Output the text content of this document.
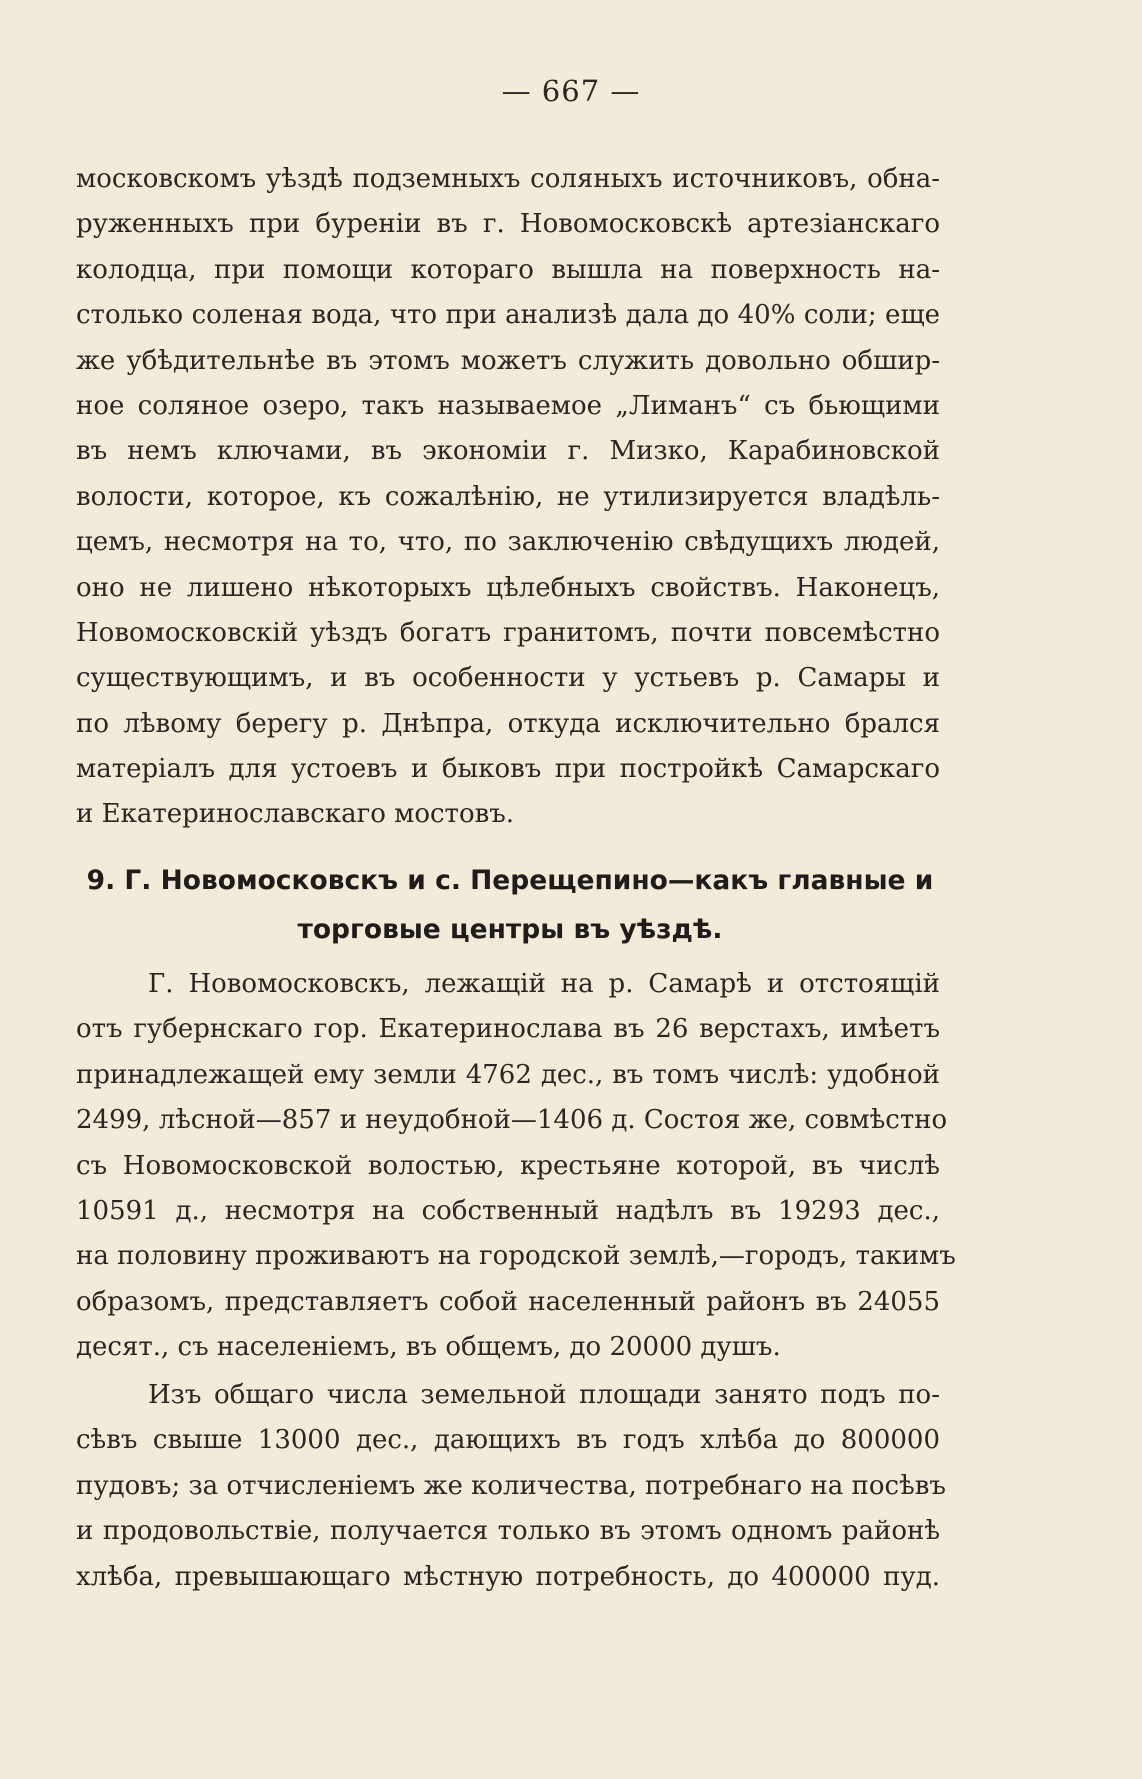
— 667 —
московскомъ уѣздѣ подземныхъ соляныхъ источниковъ, обна-
руженныхъ при буреніи въ г. Новомосковскѣ артезіанскаго
колодца, при помощи котораго вышла на поверхность на-
столько соленая вода, что при анализѣ дала до 40% соли; еще
же убѣдительнѣе въ этомъ можетъ служить довольно обшир-
ное соляное озеро, такъ называемое „Лиманъ“ съ бьющими
въ немъ ключами, въ экономіи г. Мизко, Карабиновской
волости, которое, къ сожалѣнію, не утилизируется владѣль-
цемъ, несмотря на то, что, по заключенію свѣдущихъ людей,
оно не лишено нѣкоторыхъ цѣлебныхъ свойствъ. Наконецъ,
Новомосковскій уѣздъ богатъ гранитомъ, почти повсемѣстно
существующимъ, и въ особенности у устьевъ р. Самары и
по лѣвому берегу р. Днѣпра, откуда исключительно брался
матеріалъ для устоевъ и быковъ при постройкѣ Самарскаго
и Екатеринославскаго мостовъ.
9. Г. Новомосковскъ и с. Перещепино—какъ главные и
торговые центры въ уѣздѣ.
Г. Новомосковскъ, лежащій на р. Самарѣ и отстоящій
отъ губернскаго гор. Екатеринослава въ 26 верстахъ, имѣетъ
принадлежащей ему земли 4762 дес., въ томъ числѣ: удобной
2499, лѣсной—857 и неудобной—1406 д. Состоя же, совмѣстно
съ Новомосковской волостью, крестьяне которой, въ числѣ
10591 д., несмотря на собственный надѣлъ въ 19293 дес.,
на половину проживаютъ на городской землѣ,—городъ, такимъ
образомъ, представляетъ собой населенный районъ въ 24055
десят., съ населеніемъ, въ общемъ, до 20000 душъ.
Изъ общаго числа земельной площади занято подъ по-
сѣвъ свыше 13000 дес., дающихъ въ годъ хлѣба до 800000
пудовъ; за отчисленіемъ же количества, потребнаго на посѣвъ
и продовольствіе, получается только въ этомъ одномъ районѣ
хлѣба, превышающаго мѣстную потребность, до 400000 пуд.
